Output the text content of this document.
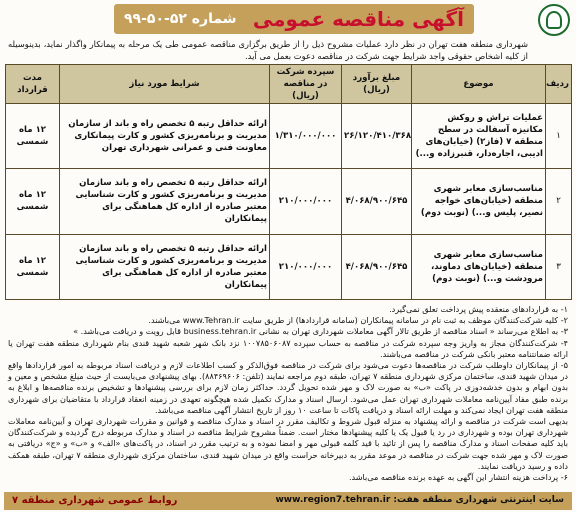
آگهی مناقصه عمومی
شماره ۵۲-۵۰-۹۹
شهرداری منطقه هفت تهران در نظر دارد عملیات مشروح ذیل را از طریق برگزاری مناقصه عمومی طی یک مرحله به پیمانکار واگذار نماید، بدینوسیله از کلیه اشخاص حقوقی واجد شرایط جهت شرکت در مناقصه دعوت بعمل می آید.
ردیف	موضوع	مبلغ برآورد (ریال)	سپرده شرکت در مناقصه (ریال)	شرایط مورد نیاز	مدت قرارداد
۱	عملیات تراش و روکش مکانیزه آسفالت در سطح منطقه ۷ (فاز۲) (خیابان‌های ادیبی، اجاره‌دار، قنبرزاده و...)	۲۶/۱۲۰/۴۱۰/۳۶۸	۱/۳۱۰/۰۰۰/۰۰۰	ارائه حداقل رتبه ۵ تخصص راه و باند از سازمان مدیریت و برنامه‌ریزی کشور و کارت پیمانکاری معاونت فنی و عمرانی شهرداری تهران	۱۲ ماه شمسی
۲	مناسب‌سازی معابر شهری منطقه (خیابان‌های خواجه نصیر، پلیس و...) (نوبت دوم)	۴/۰۶۸/۹۰۰/۶۴۵	۲۱۰/۰۰۰/۰۰۰	ارائه حداقل رتبه ۵ تخصص راه و باند سازمان مدیریت و برنامه‌ریزی کشور و کارت شناسایی معتبر صادره از اداره کل هماهنگی برای پیمانکاران	۱۲ ماه شمسی
۳	مناسب‌سازی معابر شهری منطقه (خیابان‌های دماوند، مرودشت و...) (نوبت دوم)	۴/۰۶۸/۹۰۰/۶۴۵	۲۱۰/۰۰۰/۰۰۰	ارائه حداقل رتبه ۵ تخصص راه و باند سازمان مدیریت و برنامه‌ریزی کشور و کارت شناسایی معتبر صادره از اداره کل هماهنگی برای پیمانکاران	۱۲ ماه شمسی

۱- به قراردادهای منعقده پیش پرداخت تعلق نمی‌گیرد.

۲- کلیه شرکت‌کنندگان موظف به ثبت نام در سامانه پیمانکاران (سامانه قراردادها) از طریق سایت www.Tehran.ir می‌باشند.

۳- به اطلاع می‌رساند « اسناد مناقصه از طریق تالار آگهی معاملات شهرداری تهران به نشانی business.tehran.ir قابل رویت و دریافت می‌باشد. »

۴- شرکت‌کنندگان مجاز به واریز وجه سپرده شرکت در مناقصه به حساب سپرده ۱۰۰۷۸۵۰۶۰۸۷ نزد بانک شهر شعبه شهید قندی بنام شهرداری منطقه هفت تهران یا ارائه ضمانتنامه معتبر بانکی شرکت در مناقصه می‌باشند.

۵- از پیمانکاران داوطلب شرکت در مناقصه‌ها دعوت می‌شود برای شرکت در مناقصه فوق‌الذکر و کسب اطلاعات لازم و دریافت اسناد مربوطه به امور قراردادها واقع در میدان شهید قندی، ساختمان مرکزی شهرداری منطقه ۷ تهران، طبقه دوم مراجعه نمایند (تلفن: ۸۸۴۶۹۶۰۶). بهای پیشنهادی می‌بایست از حیث مبلغ مشخص و معین و بدون ابهام و بدون خدشه‌دوزی در پاکت «ب» به صورت لاک و مهر شده تحویل گردد. حداکثر زمان لازم برای بررسی پیشنهادها و تشخیص برنده مناقصه‌ها و ابلاغ به برنده طبق مفاد آیین‌نامه معاملات شهرداری تهران عمل می‌شود. ارسال اسناد و مدارک تکمیل شده هیچگونه تعهدی در زمینه انعقاد قرارداد با متقاضیان برای شهرداری منطقه هفت تهران ایجاد نمی‌کند و مهلت ارائه اسناد و دریافت پاکات تا ساعت ۱۰ روز از تاریخ انتشار آگهی مناقصه می‌باشد.

بدیهی است شرکت در مناقصه و ارائه پیشنهاد به منزله قبول شروط و تکالیف مقرر در اسناد و مدارک مناقصه و قوانین و مقررات شهرداری تهران و آیین‌نامه معاملات شهرداری تهران بوده و شهرداری در رد یا قبول یک یا کلیه پیشنهادها مختار است. ضمناً مشروح شرایط مناقصه در اسناد و مدارک مربوطه درج گردیده و شرکت‌کنندگان باید کلیه صفحات اسناد و مدارک مناقصه را پس از تائید با قید کلمه قبولی مهر و امضا نموده و به ترتیب مقرر در اسناد، در پاکت‌های «الف» و «ب» و «ج» دریافتی به صورت لاک و مهر شده جهت شرکت در مناقصه در موعد مقرر به دبیرخانه حراست واقع در میدان شهید قندی، ساختمان مرکزی شهرداری منطقه ۷ تهران، طبقه همکف داده و رسید دریافت نمایند.

۶- پرداخت هزینه انتشار این آگهی به عهده برنده مناقصه می‌باشد.

سایت اینترنتی شهرداری منطقه هفت: www.region7.tehran.ir
روابط عمومی شهرداری منطقه ۷
